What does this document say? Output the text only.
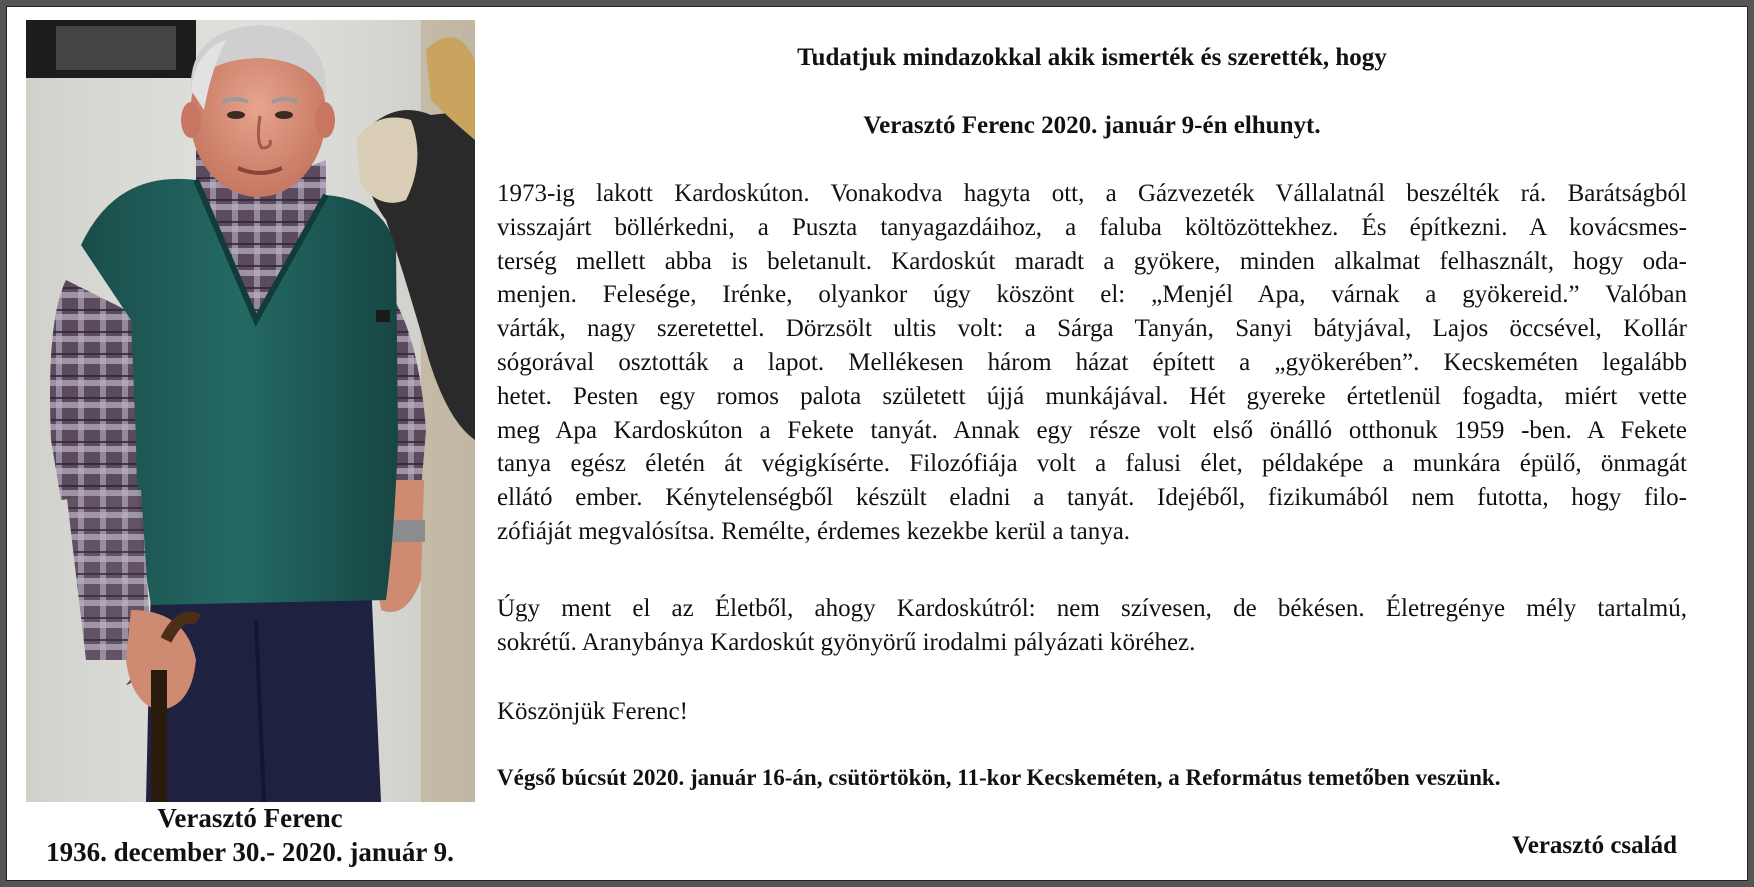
Verasztó Ferenc
1936. december 30.- 2020. január 9.
Tudatjuk mindazokkal akik ismerték és szerették, hogy
Verasztó Ferenc 2020. január 9-én elhunyt.
1973-ig lakott Kardoskúton. Vonakodva hagyta ott, a Gázvezeték Vállalatnál beszélték rá. Barátságból
visszajárt böllérkedni, a Puszta tanyagazdáihoz, a faluba költözöttekhez. És építkezni. A kovácsmes-
terség mellett abba is beletanult. Kardoskút maradt a gyökere, minden alkalmat felhasznált, hogy oda-
menjen. Felesége, Irénke, olyankor úgy köszönt el: „Menjél Apa, várnak a gyökereid.” Valóban
várták, nagy szeretettel. Dörzsölt ultis volt: a Sárga Tanyán, Sanyi bátyjával, Lajos öccsével, Kollár
sógorával osztották a lapot. Mellékesen három házat épített a „gyökerében”. Kecskeméten legalább
hetet. Pesten egy romos palota született újjá munkájával. Hét gyereke értetlenül fogadta, miért vette
meg Apa Kardoskúton a Fekete tanyát. Annak egy része volt első önálló otthonuk 1959 -ben. A Fekete
tanya egész életén át végigkísérte. Filozófiája volt a falusi élet, példaképe a munkára épülő, önmagát
ellátó ember. Kénytelenségből készült eladni a tanyát. Idejéből, fizikumából nem futotta, hogy filo-
zófiáját megvalósítsa. Remélte, érdemes kezekbe kerül a tanya.
Úgy ment el az Életből, ahogy Kardoskútról: nem szívesen, de békésen. Életregénye mély tartalmú,
sokrétű. Aranybánya Kardoskút gyönyörű irodalmi pályázati köréhez.
Köszönjük Ferenc!
Végső búcsút 2020. január 16-án, csütörtökön, 11-kor Kecskeméten, a Református temetőben veszünk.
Verasztó család
